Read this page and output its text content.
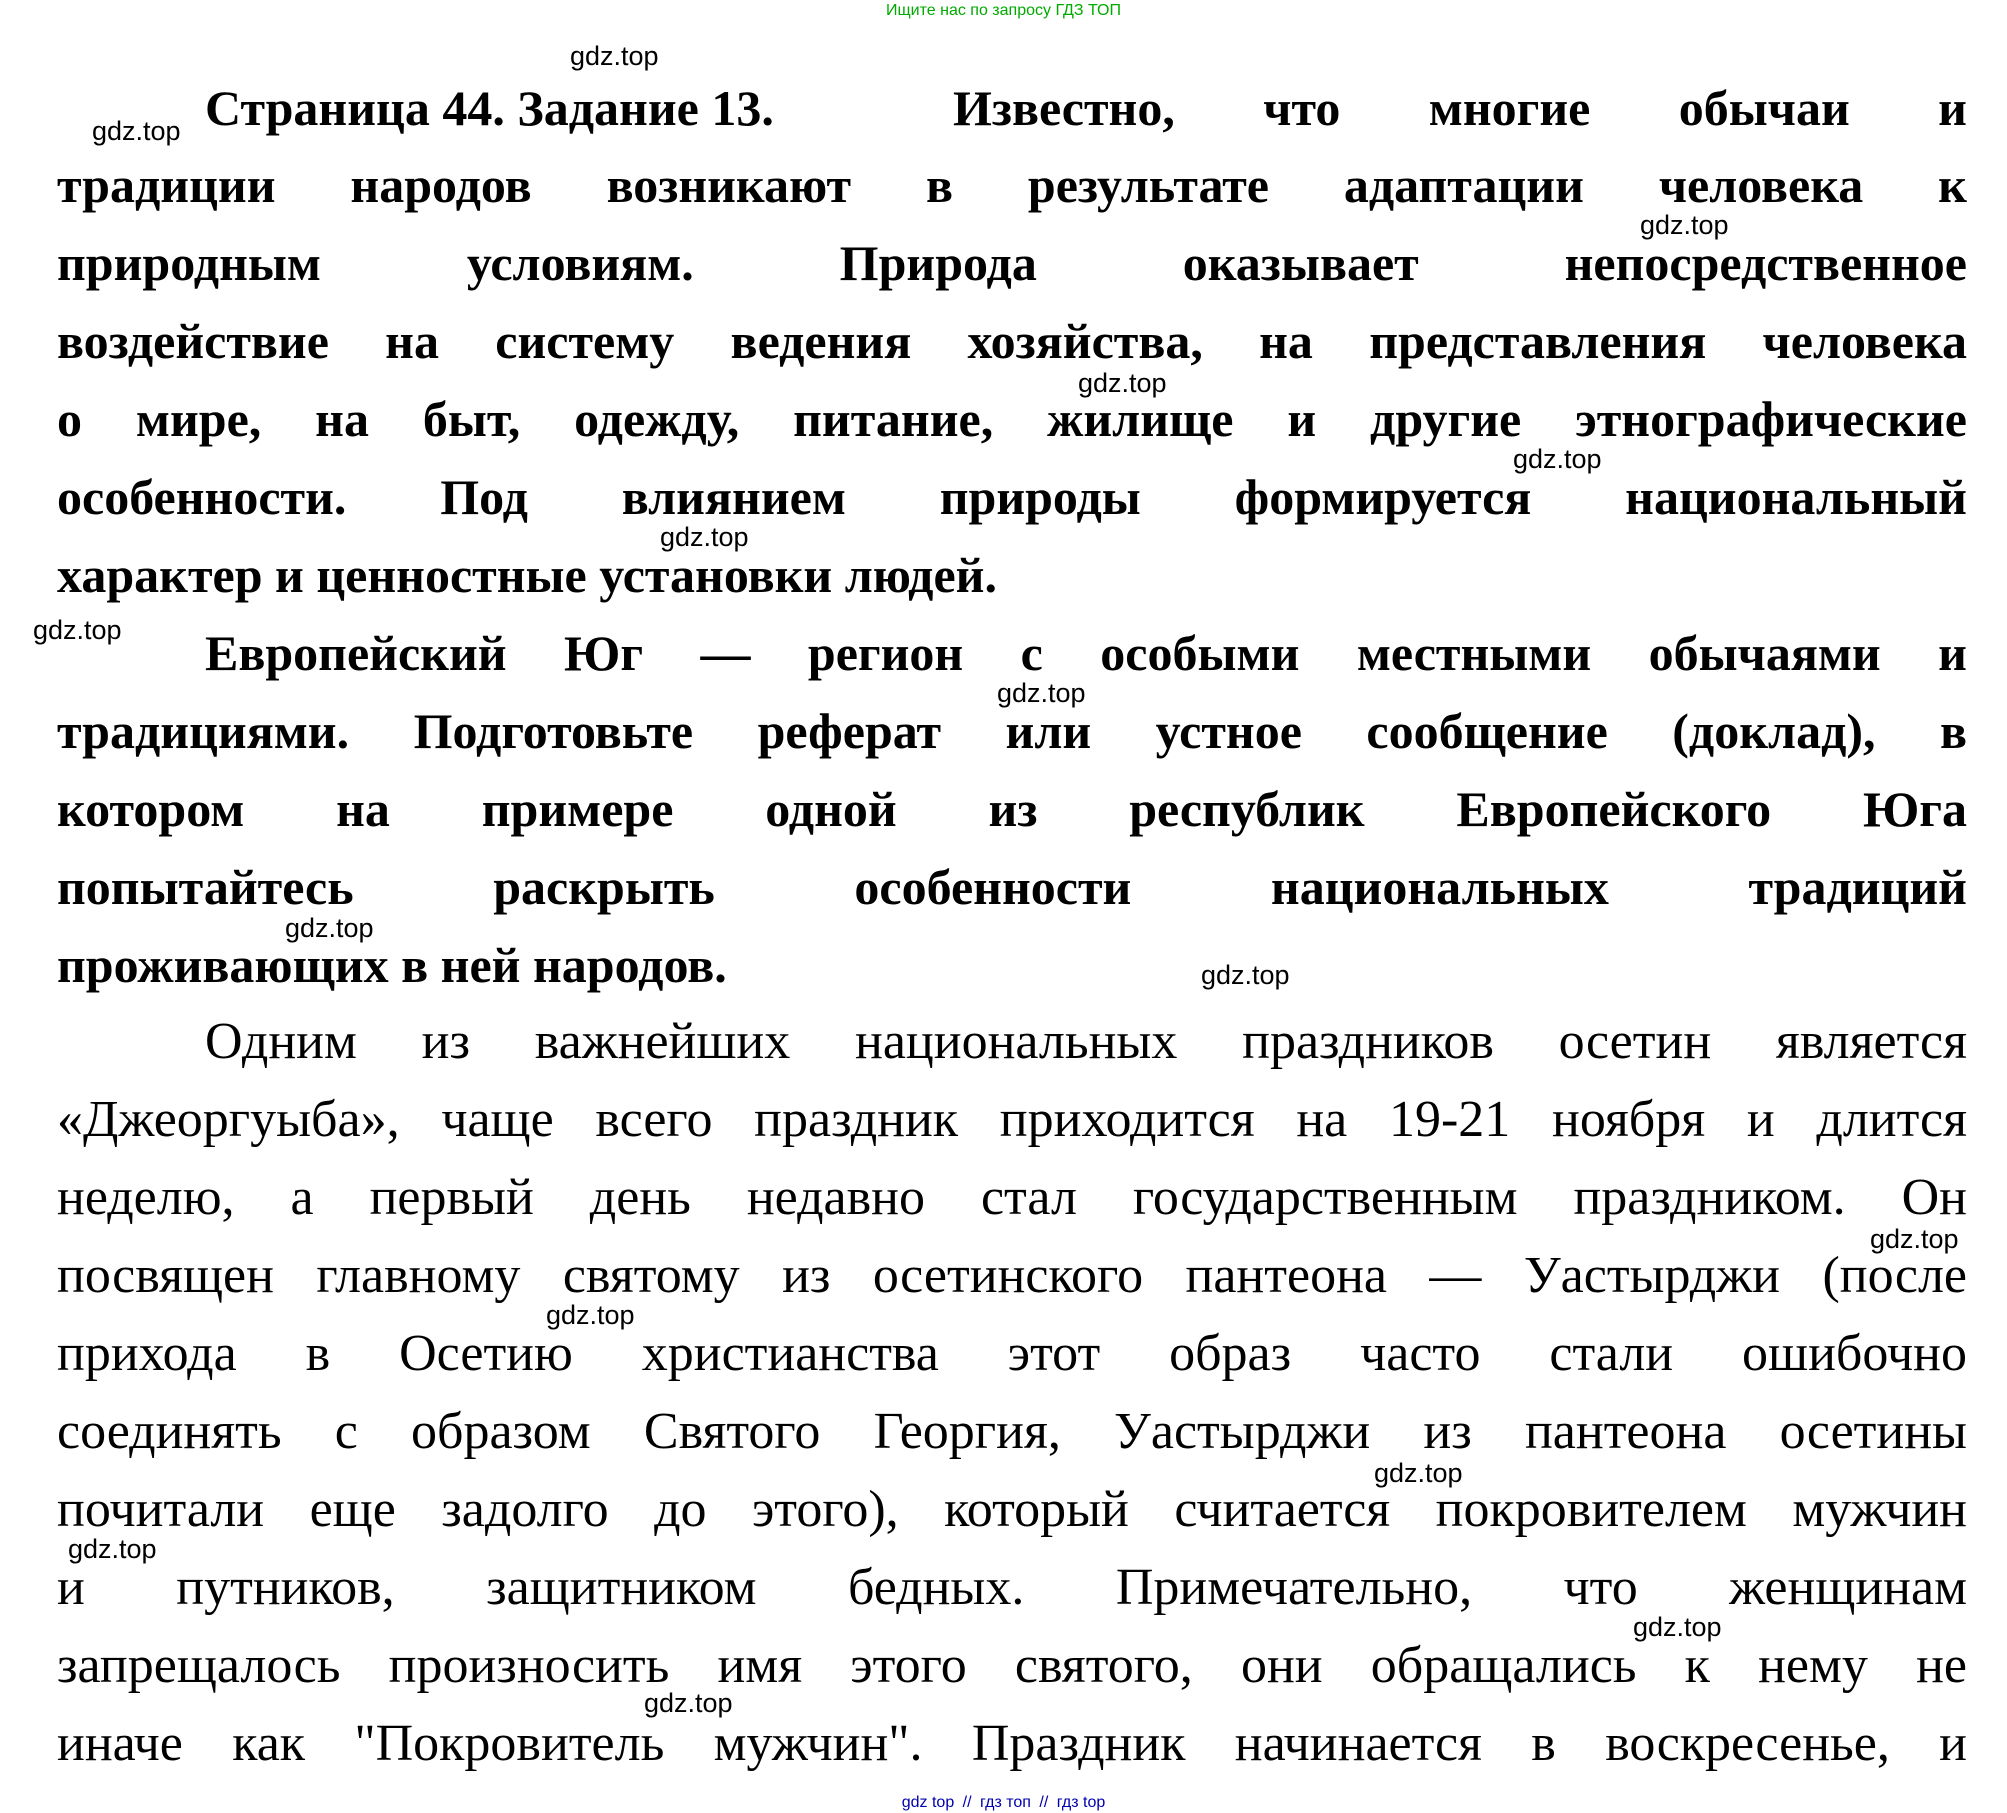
Ищите нас по запросу ГДЗ ТОП
Страница 44. Задание 13.	Известно, что многие обычаи и
традиции народов возникают в результате адаптации человека к
природным условиям. Природа оказывает непосредственное
воздействие на систему ведения хозяйства, на представления человека
о мире, на быт, одежду, питание, жилище и другие этнографические
особенности. Под влиянием природы формируется национальный
характер и ценностные установки людей.
Европейский Юг — регион с особыми местными обычаями и
традициями. Подготовьте реферат или устное сообщение (доклад), в
котором на примере одной из республик Европейского Юга
попытайтесь раскрыть особенности национальных традиций
проживающих в ней народов.
Одним из важнейших национальных праздников осетин является
«Джеоргуыба», чаще всего праздник приходится на 19-21 ноября и длится
неделю, а первый день недавно стал государственным праздником. Он
посвящен главному святому из осетинского пантеона — Уастырджи (после
прихода в Осетию христианства этот образ часто стали ошибочно
соединять с образом Святого Георгия, Уастырджи из пантеона осетины
почитали еще задолго до этого), который считается покровителем мужчин
и путников, защитником бедных. Примечательно, что женщинам
запрещалось произносить имя этого святого, они обращались к нему не
иначе как "Покровитель мужчин". Праздник начинается в воскресенье, и
gdz.top
gdz.top
gdz.top
gdz.top
gdz.top
gdz.top
gdz.top
gdz.top
gdz.top
gdz.top
gdz.top
gdz.top
gdz.top
gdz.top
gdz.top
gdz.top
gdz top // гдз топ // гдз top
